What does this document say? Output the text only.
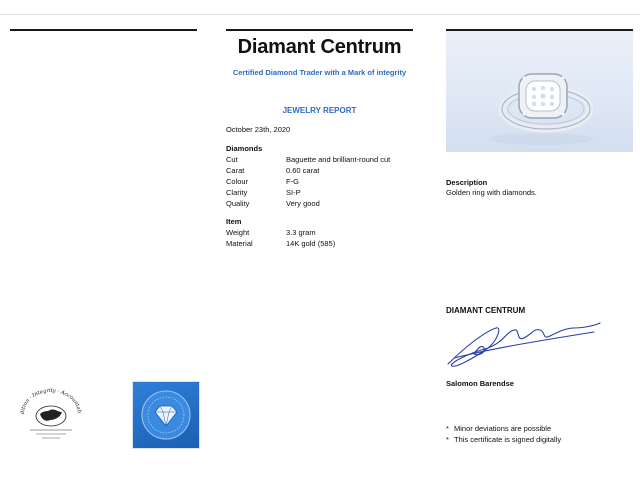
Diamant Centrum
Certified Diamond Trader with a Mark of integrity
JEWELRY REPORT
October 23th, 2020
Diamonds
Cut	Baguette and brilliant-round cut
Carat	0.60 carat
Colour	F-G
Clarity	SI-P
Quality	Very good
Item
Weight	3.3 gram
Material	14K gold (585)
Description
Golden ring with diamonds.
DIAMANT CENTRUM
Salomon Barendse
* Minor deviations are possible
* This certificate is signed digitally
dition · Integrity · Accountab
